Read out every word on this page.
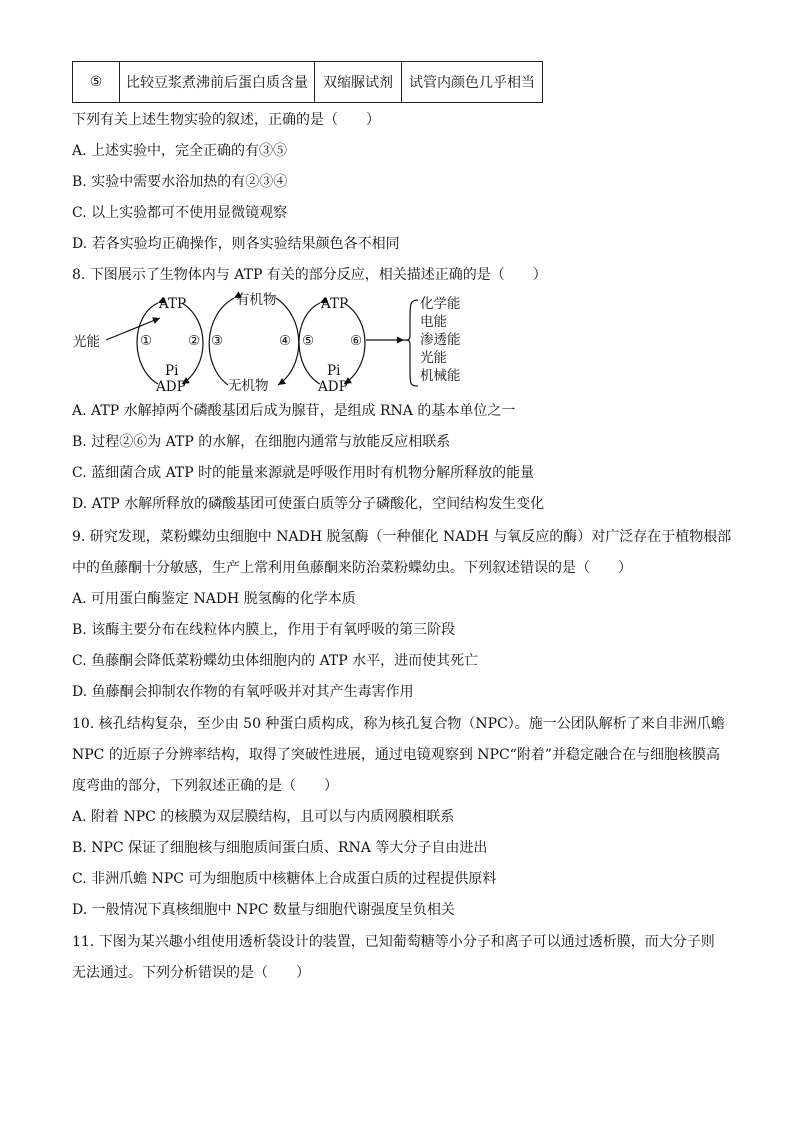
⑤	比较豆浆煮沸前后蛋白质含量	双缩脲试剂	试管内颜色几乎相当
下列有关上述生物实验的叙述，正确的是（　　）
A. 上述实验中，完全正确的有③⑤
B. 实验中需要水浴加热的有②③④
C. 以上实验都可不使用显微镜观察
D. 若各实验均正确操作，则各实验结果颜色各不相同
8. 下图展示了生物体内与 ATP 有关的部分反应，相关描述正确的是（　　）
光能
ATP
①	②
Pi
ADP
有机物
无机物
③	④
ATP
⑤	⑥
Pi
ADP
化学能
电能
渗透能
光能
机械能
A. ATP 水解掉两个磷酸基团后成为腺苷，是组成 RNA 的基本单位之一
B. 过程②⑥为 ATP 的水解，在细胞内通常与放能反应相联系
C. 蓝细菌合成 ATP 时的能量来源就是呼吸作用时有机物分解所释放的能量
D. ATP 水解所释放的磷酸基团可使蛋白质等分子磷酸化，空间结构发生变化
9. 研究发现，菜粉蝶幼虫细胞中 NADH 脱氢酶（一种催化 NADH 与氧反应的酶）对广泛存在于植物根部
中的鱼藤酮十分敏感，生产上常利用鱼藤酮来防治菜粉蝶幼虫。下列叙述错误的是（　　）
A. 可用蛋白酶鉴定 NADH 脱氢酶的化学本质
B. 该酶主要分布在线粒体内膜上，作用于有氧呼吸的第三阶段
C. 鱼藤酮会降低菜粉蝶幼虫体细胞内的 ATP 水平，进而使其死亡
D. 鱼藤酮会抑制农作物的有氧呼吸并对其产生毒害作用
10. 核孔结构复杂，至少由 50 种蛋白质构成，称为核孔复合物（NPC）。施一公团队解析了来自非洲爪蟾
NPC 的近原子分辨率结构，取得了突破性进展，通过电镜观察到 NPC“附着”并稳定融合在与细胞核膜高
度弯曲的部分，下列叙述正确的是（　　）
A. 附着 NPC 的核膜为双层膜结构，且可以与内质网膜相联系
B. NPC 保证了细胞核与细胞质间蛋白质、RNA 等大分子自由进出
C. 非洲爪蟾 NPC 可为细胞质中核糖体上合成蛋白质的过程提供原料
D. 一般情况下真核细胞中 NPC 数量与细胞代谢强度呈负相关
11. 下图为某兴趣小组使用透析袋设计的装置，已知葡萄糖等小分子和离子可以通过透析膜，而大分子则
无法通过。下列分析错误的是（　　）
